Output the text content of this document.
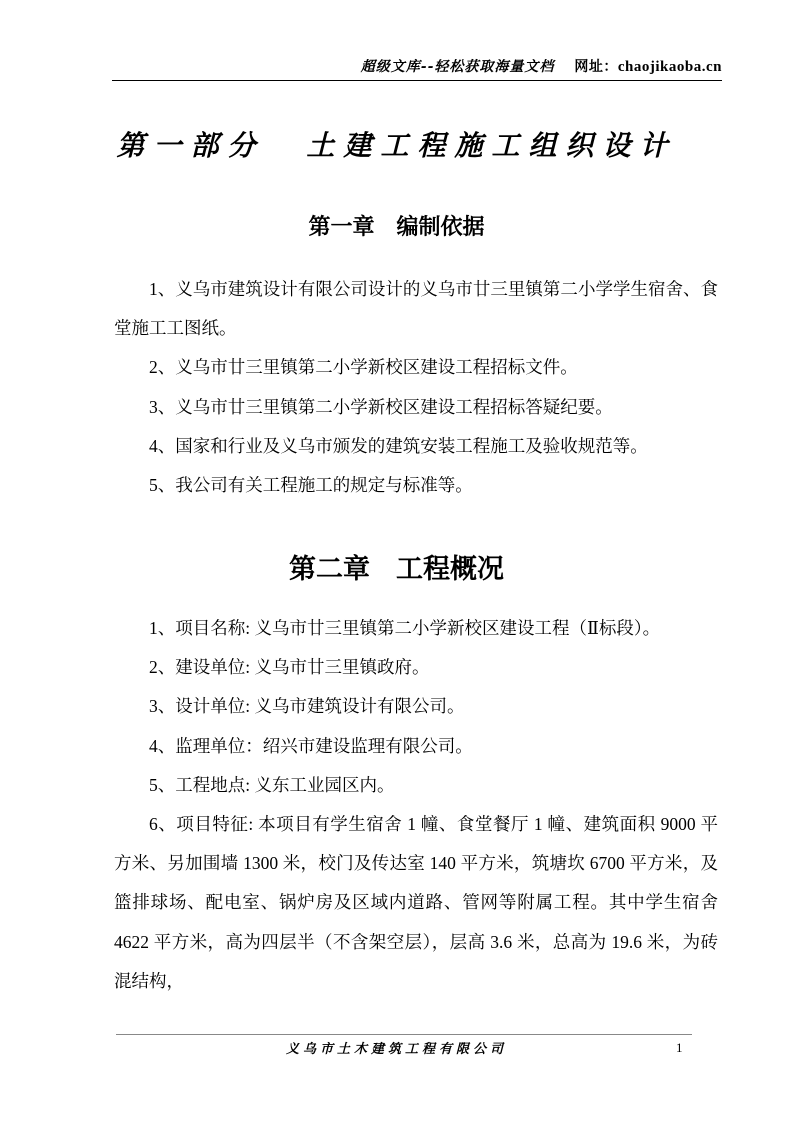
超级文库--轻松获取海量文档 网址：chaojikaoba.cn
第一部分 土建工程施工组织设计
第一章 编制依据

1、义乌市建筑设计有限公司设计的义乌市廿三里镇第二小学学生宿舍、食堂施工工图纸。

2、义乌市廿三里镇第二小学新校区建设工程招标文件。

3、义乌市廿三里镇第二小学新校区建设工程招标答疑纪要。

4、国家和行业及义乌市颁发的建筑安装工程施工及验收规范等。

5、我公司有关工程施工的规定与标准等。

第二章 工程概况

1、项目名称: 义乌市廿三里镇第二小学新校区建设工程（Ⅱ标段）。

2、建设单位: 义乌市廿三里镇政府。

3、设计单位: 义乌市建筑设计有限公司。

4、监理单位：绍兴市建设监理有限公司。

5、工程地点: 义东工业园区内。

6、项目特征: 本项目有学生宿舍 1 幢、食堂餐厅 1 幢、建筑面积 9000 平方米、另加围墙 1300 米，校门及传达室 140 平方米，筑塘坎 6700 平方米，及篮排球场、配电室、锅炉房及区域内道路、管网等附属工程。其中学生宿舍 4622 平方米，高为四层半（不含架空层），层高 3.6 米，总高为 19.6 米，为砖混结构，

义乌市土木建筑工程有限公司	1
